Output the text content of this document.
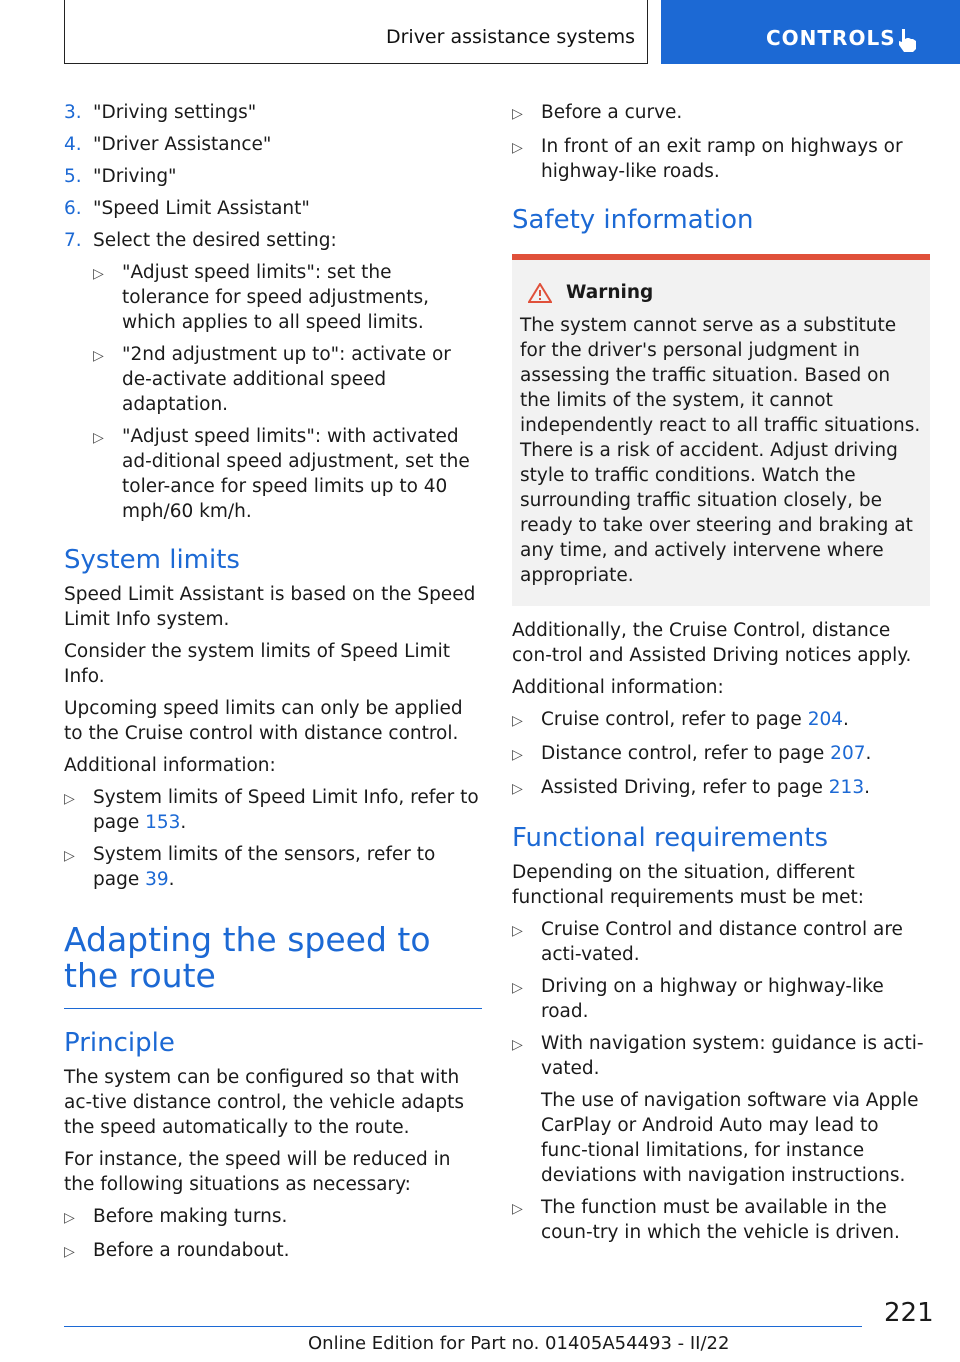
Driver assistance systems	CONTROLS
3. "Driving settings"
4. "Driver Assistance"
5. "Driving"
6. "Speed Limit Assistant"
7. Select the desired setting:
▷ "Adjust speed limits": set the tolerance for speed adjustments, which applies to all speed limits.
▷ "2nd adjustment up to": activate or de-activate additional speed adaptation.
▷ "Adjust speed limits": with activated ad-ditional speed adjustment, set the toler-ance for speed limits up to 40 mph/60 km/h.
System limits

Speed Limit Assistant is based on the Speed Limit Info system.

Consider the system limits of Speed Limit Info.

Upcoming speed limits can only be applied to the Cruise control with distance control.

Additional information:

▷ System limits of Speed Limit Info, refer to page 153.
▷ System limits of the sensors, refer to page 39.
Adapting the speed to the route
Principle

The system can be configured so that with ac-tive distance control, the vehicle adapts the speed automatically to the route.

For instance, the speed will be reduced in the following situations as necessary:

▷ Before making turns.
▷ Before a roundabout.
▷ Before a curve.
▷ In front of an exit ramp on highways or highway-like roads.
Safety information
Warning
The system cannot serve as a substitute for the driver's personal judgment in assessing the traffic situation. Based on the limits of the system, it cannot independently react to all traffic situations. There is a risk of accident. Adjust driving style to traffic conditions. Watch the surrounding traffic situation closely, be ready to take over steering and braking at any time, and actively intervene where appropriate.

Additionally, the Cruise Control, distance con-trol and Assisted Driving notices apply.

Additional information:

▷ Cruise control, refer to page 204.
▷ Distance control, refer to page 207.
▷ Assisted Driving, refer to page 213.
Functional requirements

Depending on the situation, different functional requirements must be met:

▷ Cruise Control and distance control are acti-vated.
▷ Driving on a highway or highway-like road.
▷ With navigation system: guidance is acti-vated.
The use of navigation software via Apple CarPlay or Android Auto may lead to func-tional limitations, for instance deviations with navigation instructions.
▷ The function must be available in the coun-try in which the vehicle is driven.
221
Online Edition for Part no. 01405A54493 - II/22
